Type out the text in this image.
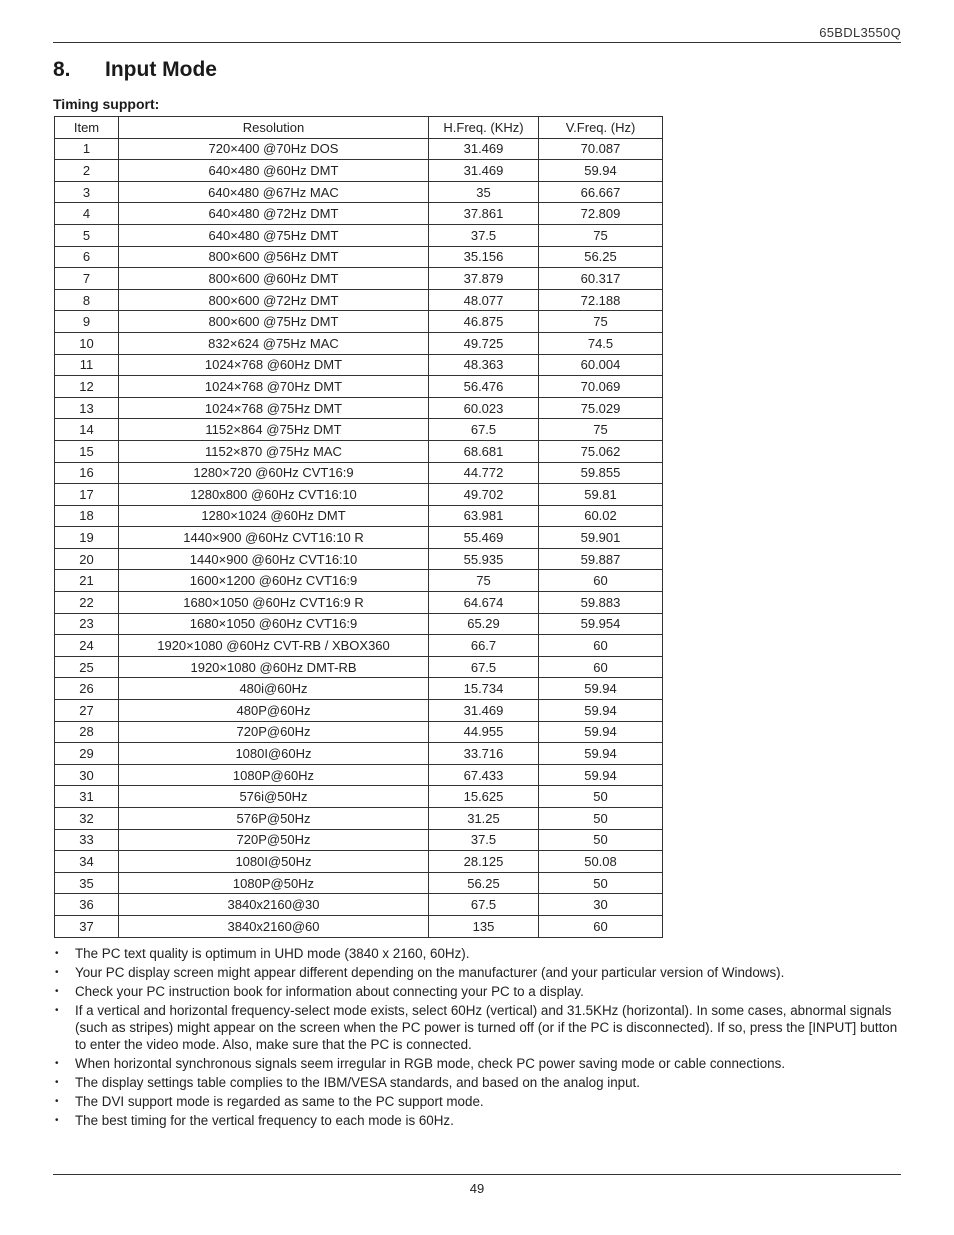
65BDL3550Q
8. Input Mode
Timing support:
Item	Resolution	H.Freq. (KHz)	V.Freq. (Hz)
1	720×400 @70Hz DOS	31.469	70.087
2	640×480 @60Hz DMT	31.469	59.94
3	640×480 @67Hz MAC	35	66.667
4	640×480 @72Hz DMT	37.861	72.809
5	640×480 @75Hz DMT	37.5	75
6	800×600 @56Hz DMT	35.156	56.25
7	800×600 @60Hz DMT	37.879	60.317
8	800×600 @72Hz DMT	48.077	72.188
9	800×600 @75Hz DMT	46.875	75
10	832×624 @75Hz MAC	49.725	74.5
11	1024×768 @60Hz DMT	48.363	60.004
12	1024×768 @70Hz DMT	56.476	70.069
13	1024×768 @75Hz DMT	60.023	75.029
14	1152×864 @75Hz DMT	67.5	75
15	1152×870 @75Hz MAC	68.681	75.062
16	1280×720 @60Hz CVT16:9	44.772	59.855
17	1280x800 @60Hz CVT16:10	49.702	59.81
18	1280×1024 @60Hz DMT	63.981	60.02
19	1440×900 @60Hz CVT16:10 R	55.469	59.901
20	1440×900 @60Hz CVT16:10	55.935	59.887
21	1600×1200 @60Hz CVT16:9	75	60
22	1680×1050 @60Hz CVT16:9 R	64.674	59.883
23	1680×1050 @60Hz CVT16:9	65.29	59.954
24	1920×1080 @60Hz CVT-RB / XBOX360	66.7	60
25	1920×1080 @60Hz DMT-RB	67.5	60
26	480i@60Hz	15.734	59.94
27	480P@60Hz	31.469	59.94
28	720P@60Hz	44.955	59.94
29	1080I@60Hz	33.716	59.94
30	1080P@60Hz	67.433	59.94
31	576i@50Hz	15.625	50
32	576P@50Hz	31.25	50
33	720P@50Hz	37.5	50
34	1080I@50Hz	28.125	50.08
35	1080P@50Hz	56.25	50
36	3840x2160@30	67.5	30
37	3840x2160@60	135	60
• The PC text quality is optimum in UHD mode (3840 x 2160, 60Hz).
• Your PC display screen might appear different depending on the manufacturer (and your particular version of Windows).
• Check your PC instruction book for information about connecting your PC to a display.
• If a vertical and horizontal frequency-select mode exists, select 60Hz (vertical) and 31.5KHz (horizontal). In some cases, abnormal signals (such as stripes) might appear on the screen when the PC power is turned off (or if the PC is disconnected). If so, press the [INPUT] button to enter the video mode. Also, make sure that the PC is connected.
• When horizontal synchronous signals seem irregular in RGB mode, check PC power saving mode or cable connections.
• The display settings table complies to the IBM/VESA standards, and based on the analog input.
• The DVI support mode is regarded as same to the PC support mode.
• The best timing for the vertical frequency to each mode is 60Hz.
49
